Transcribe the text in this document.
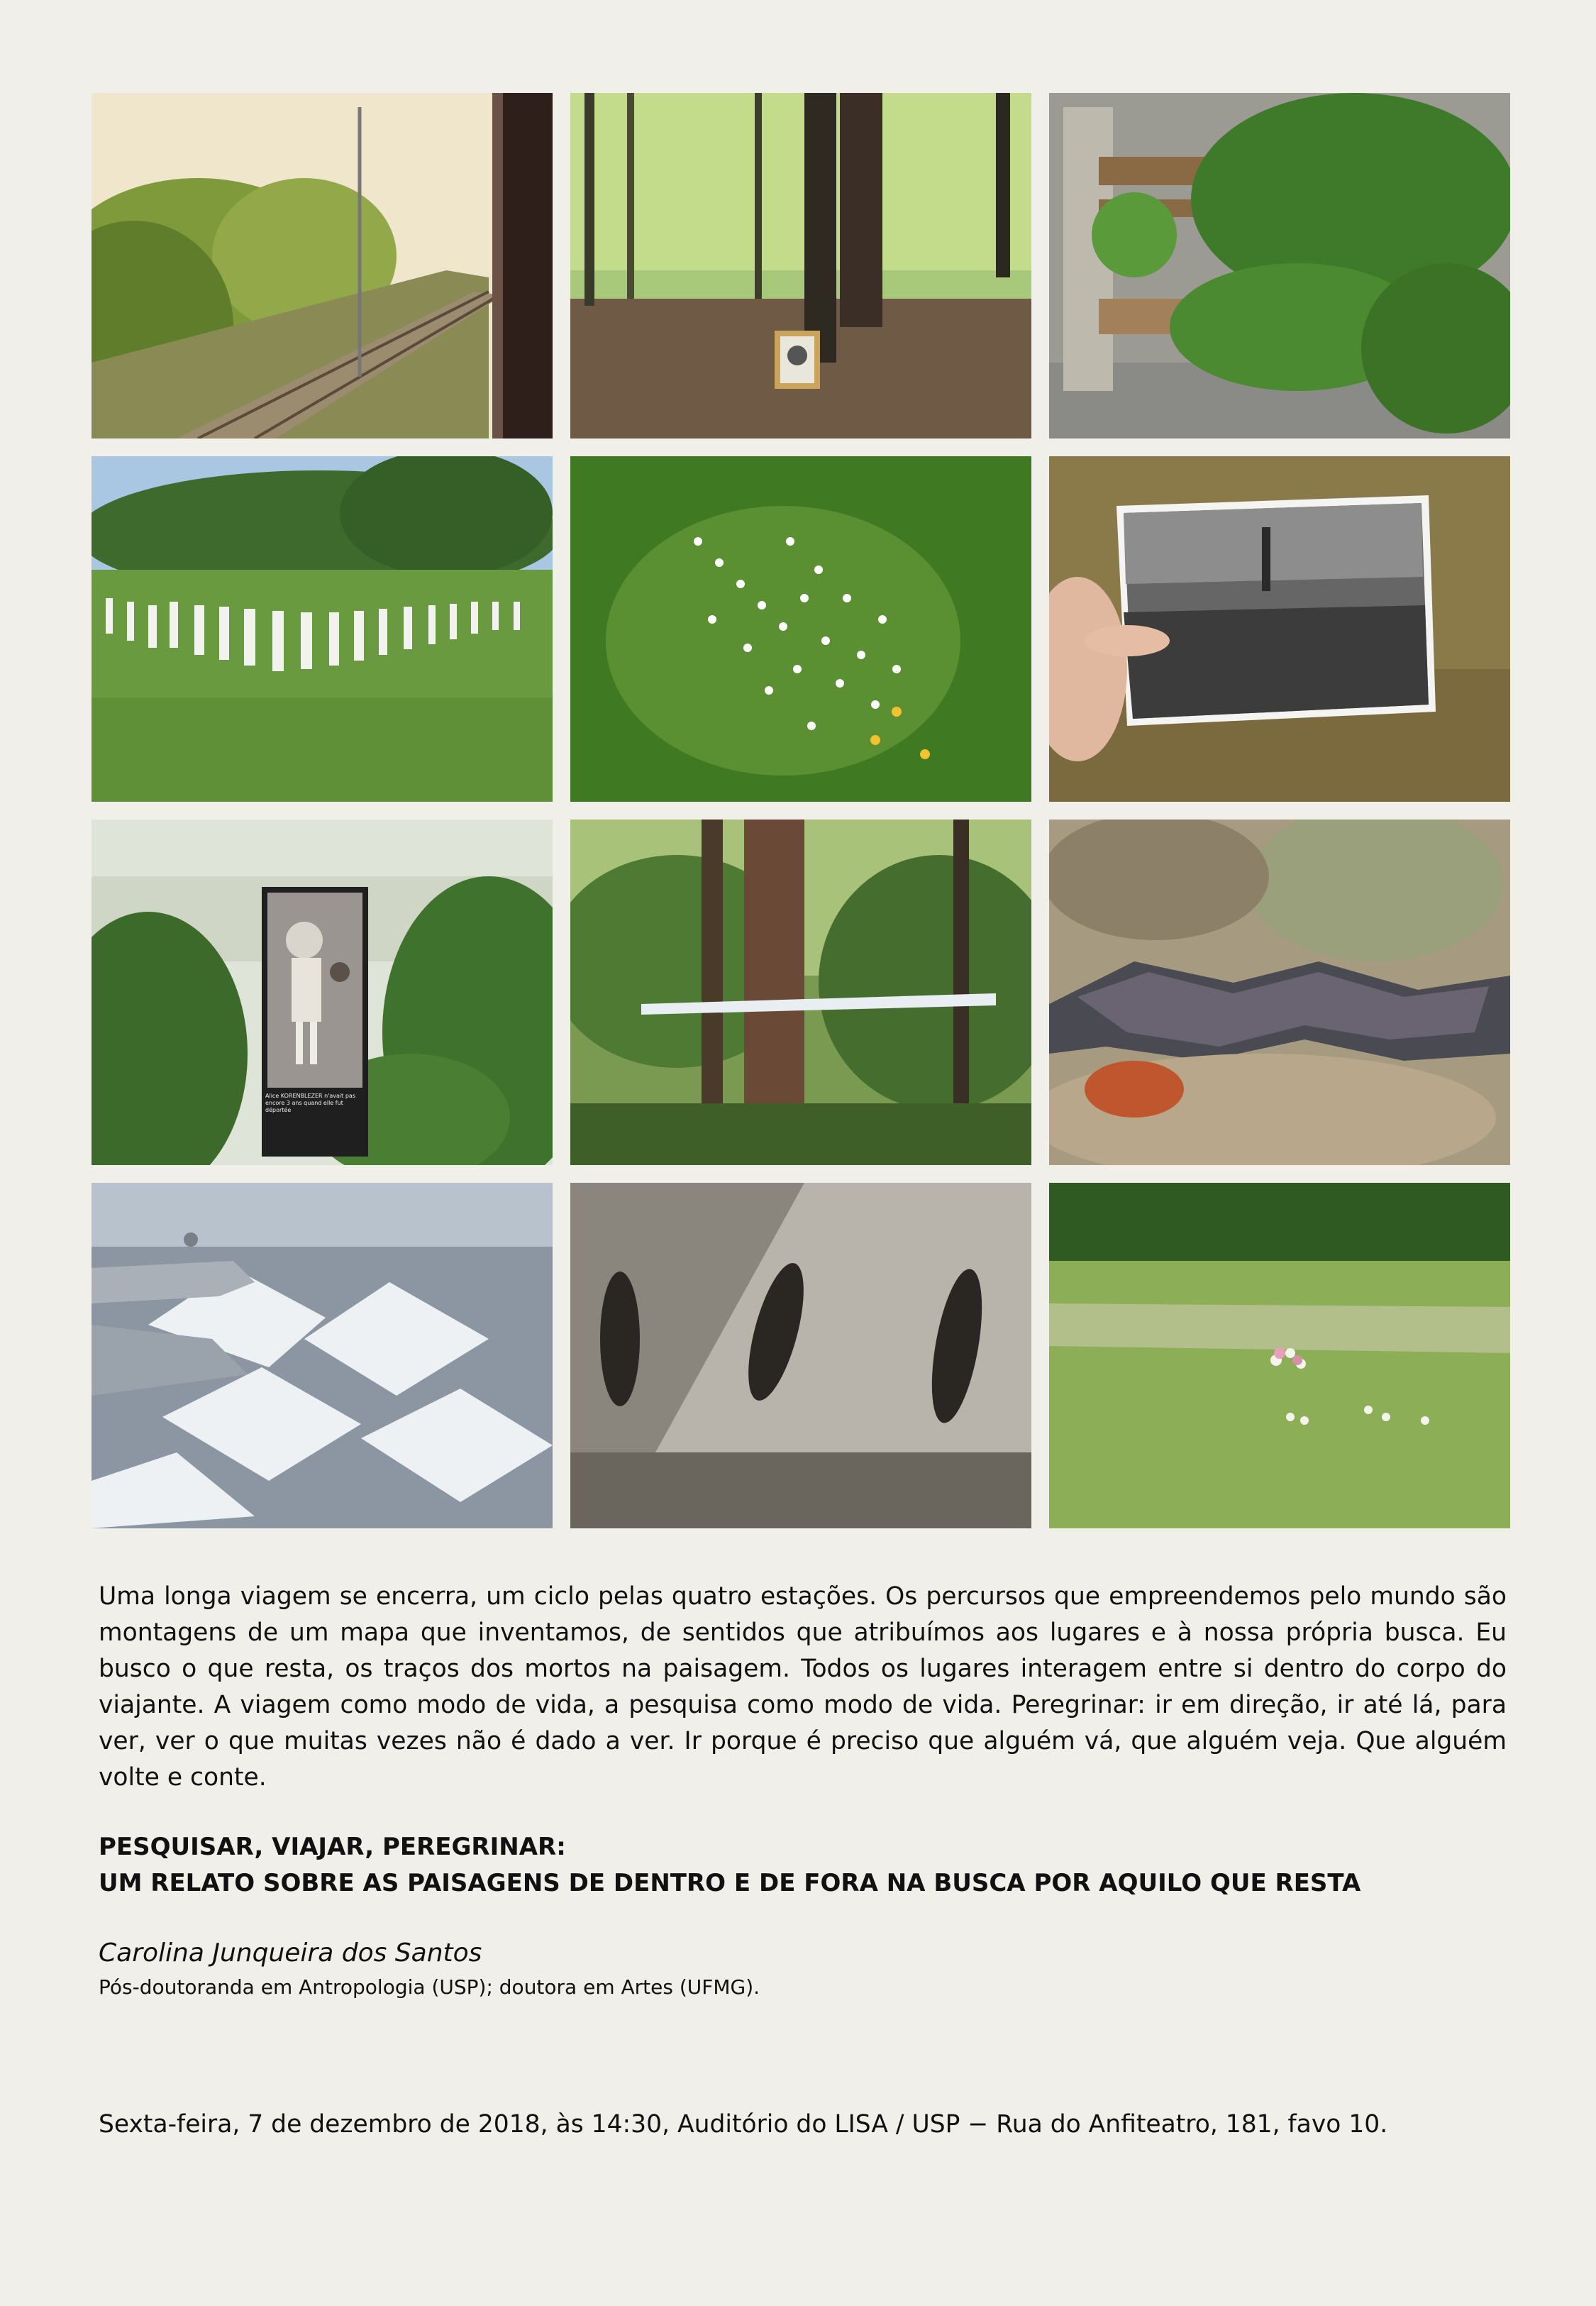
Alice KORENBLEZER n'avait pas encore 3 ans quand elle fut déportée

Uma longa viagem se encerra, um ciclo pelas quatro estações. Os percursos que empreendemos pelo mundo são montagens de um mapa que inventamos, de sentidos que atribuímos aos lugares e à nossa própria busca. Eu busco o que resta, os traços dos mortos na paisagem. Todos os lugares interagem entre si dentro do corpo do viajante. A viagem como modo de vida, a pesquisa como modo de vida. Peregrinar: ir em direção, ir até lá, para ver, ver o que muitas vezes não é dado a ver. Ir porque é preciso que alguém vá, que alguém veja. Que alguém volte e conte.

PESQUISAR, VIAJAR, PEREGRINAR:
UM RELATO SOBRE AS PAISAGENS DE DENTRO E DE FORA NA BUSCA POR AQUILO QUE RESTA

Carolina Junqueira dos Santos

Pós-doutoranda em Antropologia (USP); doutora em Artes (UFMG).

Sexta-feira, 7 de dezembro de 2018, às 14:30, Auditório do LISA / USP − Rua do Anfiteatro, 181, favo 10.
